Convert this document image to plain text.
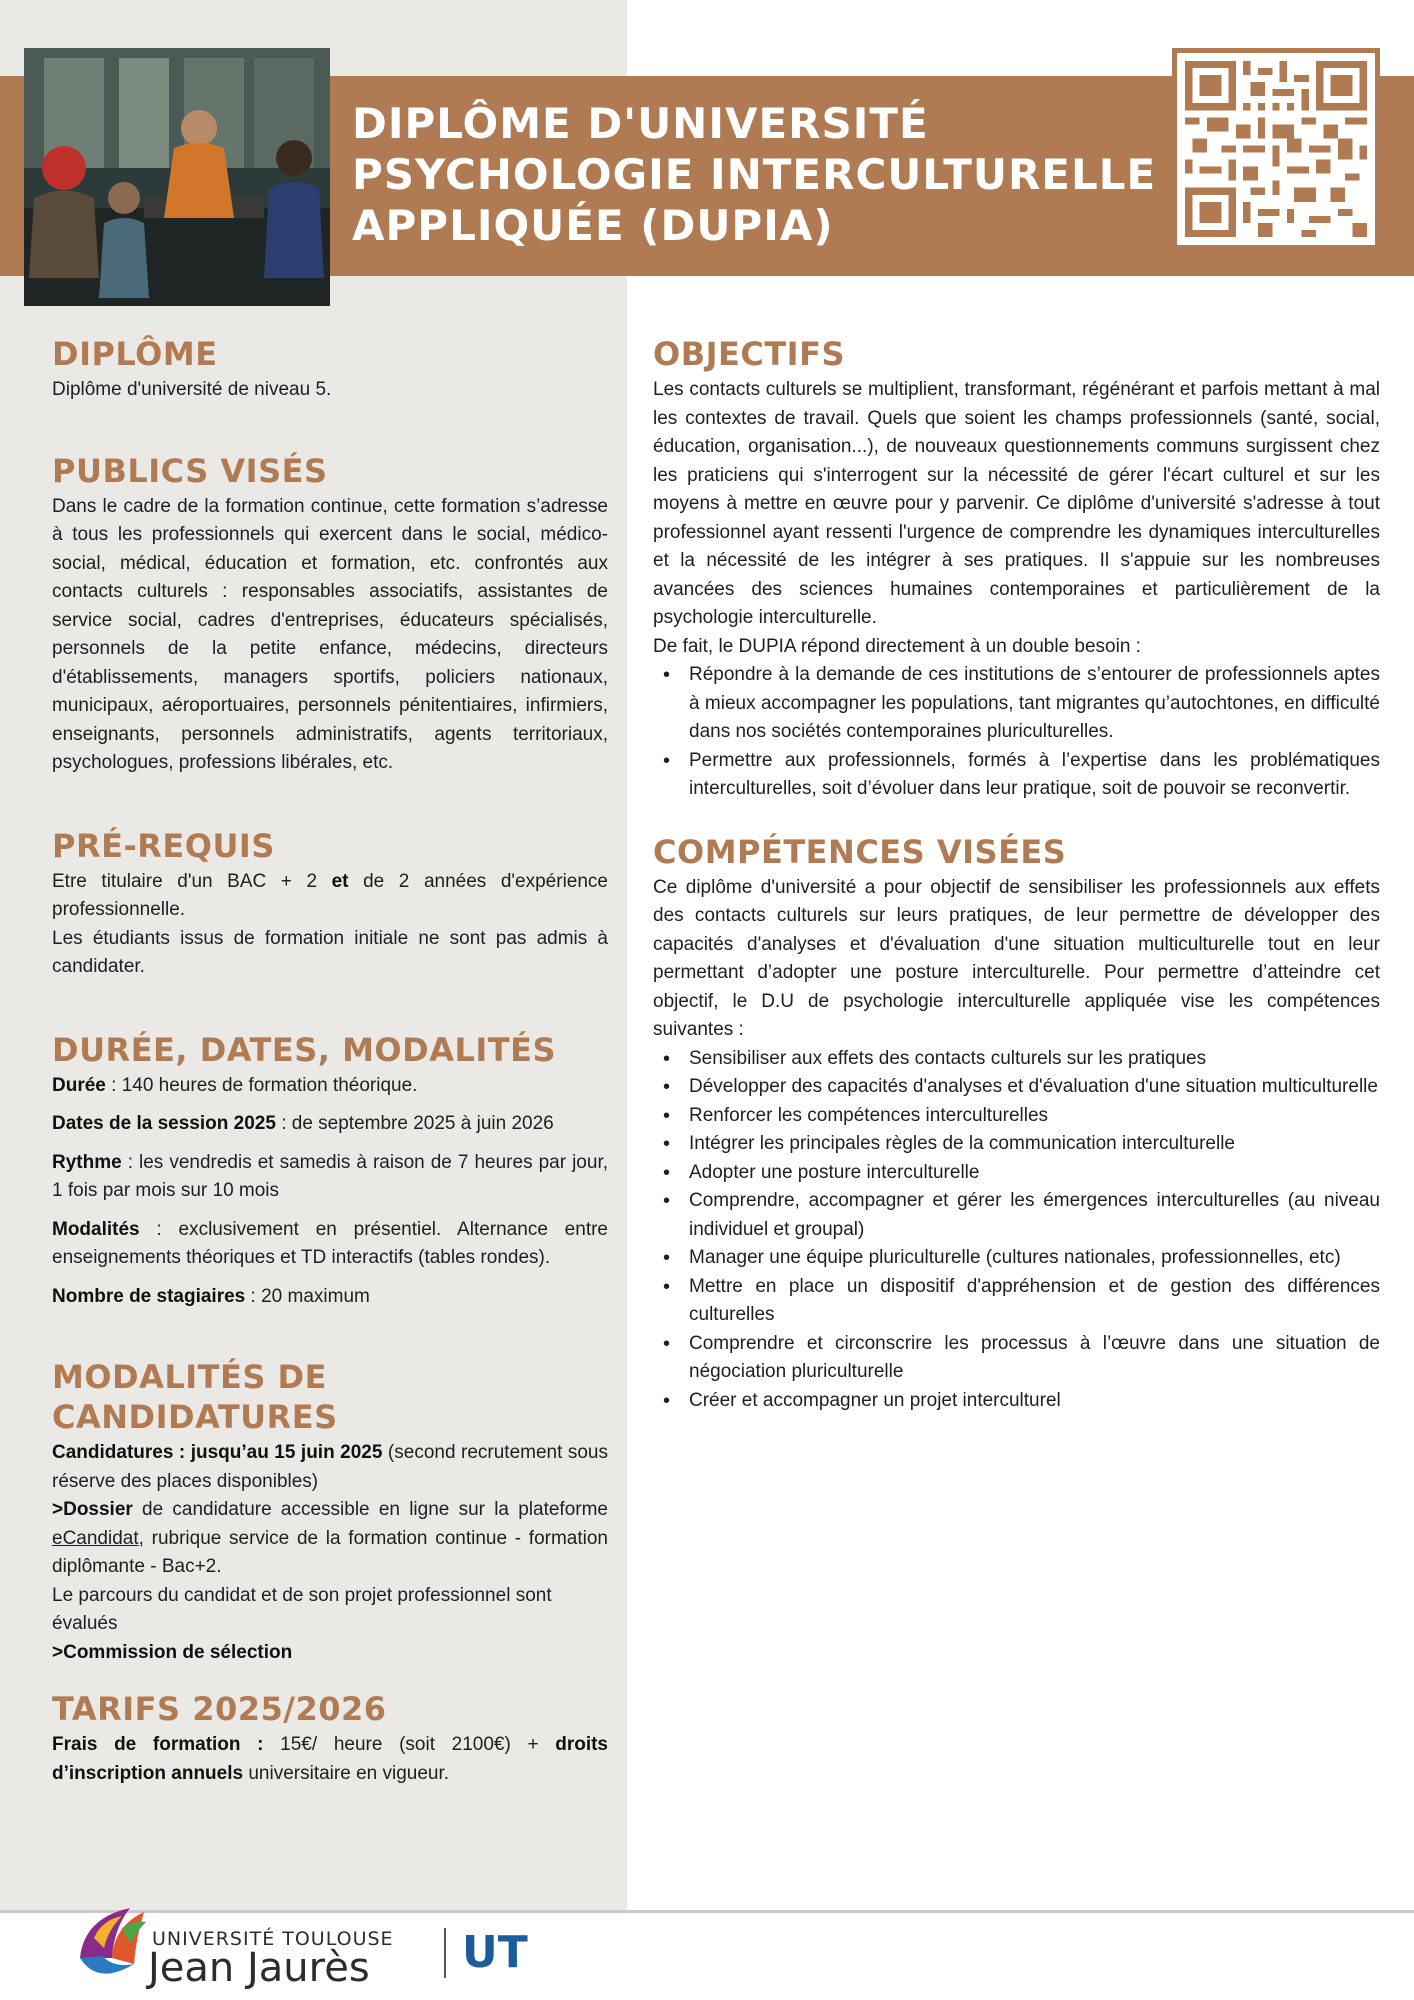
DIPLÔME D'UNIVERSITÉ
PSYCHOLOGIE INTERCULTURELLE
APPLIQUÉE (DUPIA)
DIPLÔME

Diplôme d'université de niveau 5.

PUBLICS VISÉS

Dans le cadre de la formation continue, cette formation s’adresse à tous les professionnels qui exercent dans le social, médico-social, médical, éducation et formation, etc. confrontés aux contacts culturels : responsables associatifs, assistantes de service social, cadres d'entreprises, éducateurs spécialisés, personnels de la petite enfance, médecins, directeurs d'établissements, managers sportifs, policiers nationaux, municipaux, aéroportuaires, personnels pénitentiaires, infirmiers, enseignants, personnels administratifs, agents territoriaux, psychologues, professions libérales, etc.

PRÉ-REQUIS

Etre titulaire d'un BAC + 2 et de 2 années d'expérience professionnelle.

Les étudiants issus de formation initiale ne sont pas admis à candidater.

DURÉE, DATES, MODALITÉS

Durée : 140 heures de formation théorique.

Dates de la session 2025 : de septembre 2025 à juin 2026

Rythme : les vendredis et samedis à raison de 7 heures par jour, 1 fois par mois sur 10 mois

Modalités : exclusivement en présentiel. Alternance entre enseignements théoriques et TD interactifs (tables rondes).

Nombre de stagiaires : 20 maximum

MODALITÉS DE CANDIDATURES

Candidatures : jusqu’au 15 juin 2025 (second recrutement sous réserve des places disponibles)

>Dossier de candidature accessible en ligne sur la plateforme eCandidat, rubrique service de la formation continue - formation diplômante - Bac+2.

Le parcours du candidat et de son projet professionnel sont évalués

>Commission de sélection

TARIFS 2025/2026

Frais de formation : 15€/ heure (soit 2100€) + droits d’inscription annuels universitaire en vigueur.

OBJECTIFS

Les contacts culturels se multiplient, transformant, régénérant et parfois mettant à mal les contextes de travail. Quels que soient les champs professionnels (santé, social, éducation, organisation...), de nouveaux questionnements communs surgissent chez les praticiens qui s'interrogent sur la nécessité de gérer l'écart culturel et sur les moyens à mettre en œuvre pour y parvenir. Ce diplôme d'université s'adresse à tout professionnel ayant ressenti l'urgence de comprendre les dynamiques interculturelles et la nécessité de les intégrer à ses pratiques. Il s'appuie sur les nombreuses avancées des sciences humaines contemporaines et particulièrement de la psychologie interculturelle.

De fait, le DUPIA répond directement à un double besoin :

• Répondre à la demande de ces institutions de s’entourer de professionnels aptes à mieux accompagner les populations, tant migrantes qu’autochtones, en difficulté dans nos sociétés contemporaines pluriculturelles.
• Permettre aux professionnels, formés à l’expertise dans les problématiques interculturelles, soit d’évoluer dans leur pratique, soit de pouvoir se reconvertir.
COMPÉTENCES VISÉES

Ce diplôme d'université a pour objectif de sensibiliser les professionnels aux effets des contacts culturels sur leurs pratiques, de leur permettre de développer des capacités d'analyses et d'évaluation d'une situation multiculturelle tout en leur permettant d’adopter une posture interculturelle. Pour permettre d’atteindre cet objectif, le D.U de psychologie interculturelle appliquée vise les compétences suivantes :

• Sensibiliser aux effets des contacts culturels sur les pratiques
• Développer des capacités d'analyses et d'évaluation d'une situation multiculturelle
• Renforcer les compétences interculturelles
• Intégrer les principales règles de la communication interculturelle
• Adopter une posture interculturelle
• Comprendre, accompagner et gérer les émergences interculturelles (au niveau individuel et groupal)
• Manager une équipe pluriculturelle (cultures nationales, professionnelles, etc)
• Mettre en place un dispositif d'appréhension et de gestion des différences culturelles
• Comprendre et circonscrire les processus à l’œuvre dans une situation de négociation pluriculturelle
• Créer et accompagner un projet interculturel
UNIVERSITÉ TOULOUSE
Jean Jaurès UT
